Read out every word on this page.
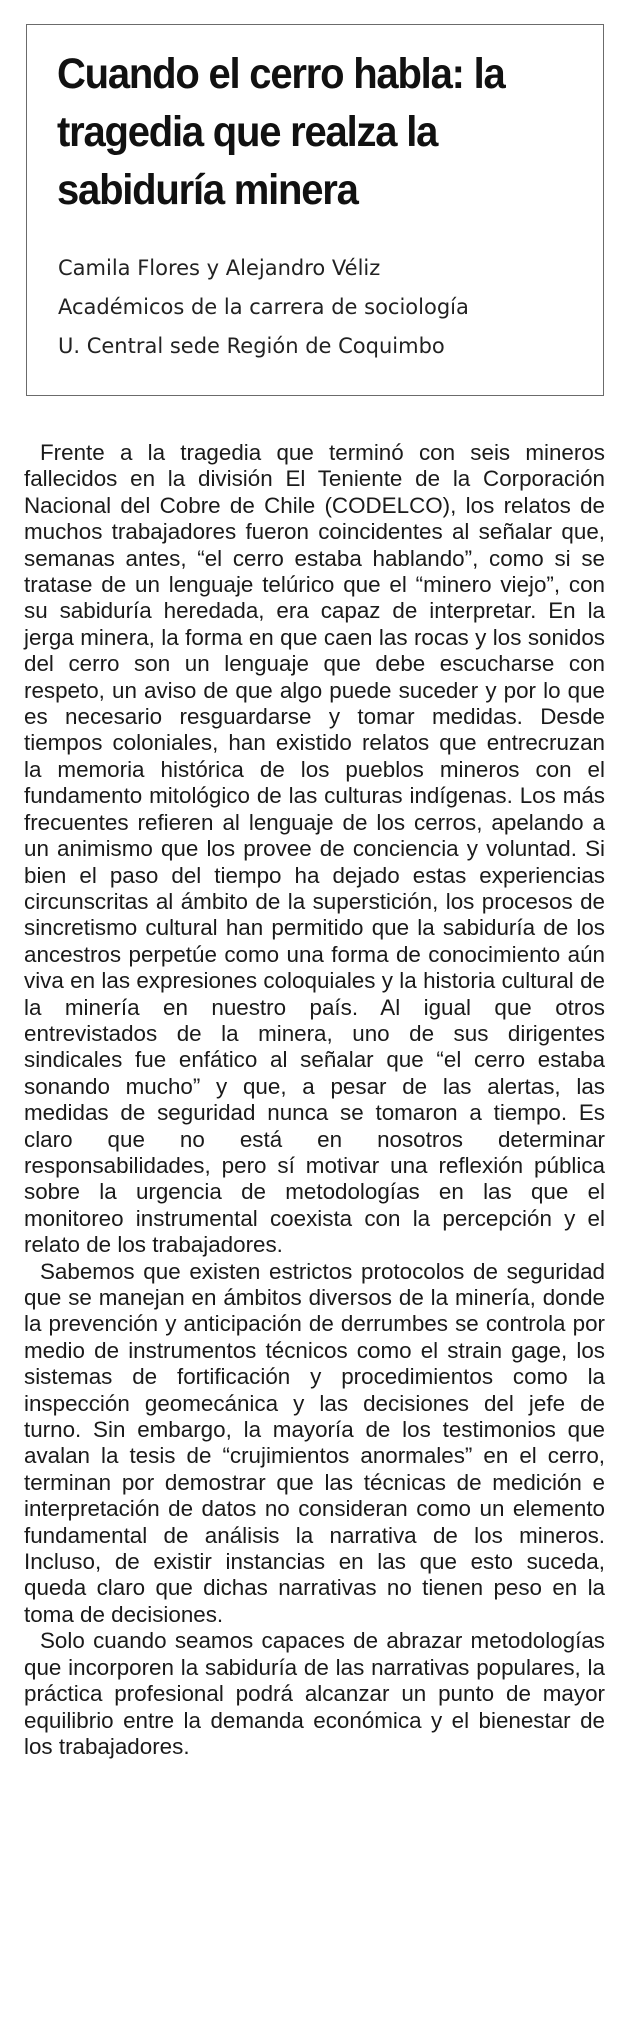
Cuando el cerro habla: la tragedia que realza la sabiduría minera
Camila Flores y Alejandro Véliz
Académicos de la carrera de sociología
U. Central sede Región de Coquimbo

Frente a la tragedia que terminó con seis mineros fallecidos en la división El Teniente de la Corporación Nacional del Cobre de Chile (CODELCO), los relatos de muchos trabajadores fueron coincidentes al señalar que, semanas antes, “el cerro estaba hablando”, como si se tratase de un lenguaje telúrico que el “minero viejo”, con su sabiduría heredada, era capaz de interpretar. En la jerga minera, la forma en que caen las rocas y los sonidos del cerro son un lenguaje que debe escucharse con respeto, un aviso de que algo puede suceder y por lo que es necesario resguardarse y tomar medidas. Desde tiempos coloniales, han existido relatos que entrecruzan la memoria histórica de los pueblos mineros con el fundamento mitológico de las culturas indígenas. Los más frecuentes refieren al lenguaje de los cerros, apelando a un animismo que los provee de conciencia y voluntad. Si bien el paso del tiempo ha dejado estas experiencias circunscritas al ámbito de la superstición, los procesos de sincretismo cultural han permitido que la sabiduría de los ancestros perpetúe como una forma de conocimiento aún viva en las expresiones coloquiales y la historia cultural de la minería en nuestro país. Al igual que otros entrevistados de la minera, uno de sus dirigentes sindicales fue enfático al señalar que “el cerro estaba sonando mucho” y que, a pesar de las alertas, las medidas de seguridad nunca se tomaron a tiempo. Es claro que no está en nosotros determinar responsabilidades, pero sí motivar una reflexión pública sobre la urgencia de metodologías en las que el monitoreo instrumental coexista con la percepción y el relato de los trabajadores.

Sabemos que existen estrictos protocolos de seguridad que se manejan en ámbitos diversos de la minería, donde la prevención y anticipación de derrumbes se controla por medio de instrumentos técnicos como el strain gage, los sistemas de fortificación y procedimientos como la inspección geomecánica y las decisiones del jefe de turno. Sin embargo, la mayoría de los testimonios que avalan la tesis de “crujimientos anormales” en el cerro, terminan por demostrar que las técnicas de medición e interpretación de datos no consideran como un elemento fundamental de análisis la narrativa de los mineros. Incluso, de existir instancias en las que esto suceda, queda claro que dichas narrativas no tienen peso en la toma de decisiones.

Solo cuando seamos capaces de abrazar metodologías que incorporen la sabiduría de las narrativas populares, la práctica profesional podrá alcanzar un punto de mayor equilibrio entre la demanda económica y el bienestar de los trabajadores.
